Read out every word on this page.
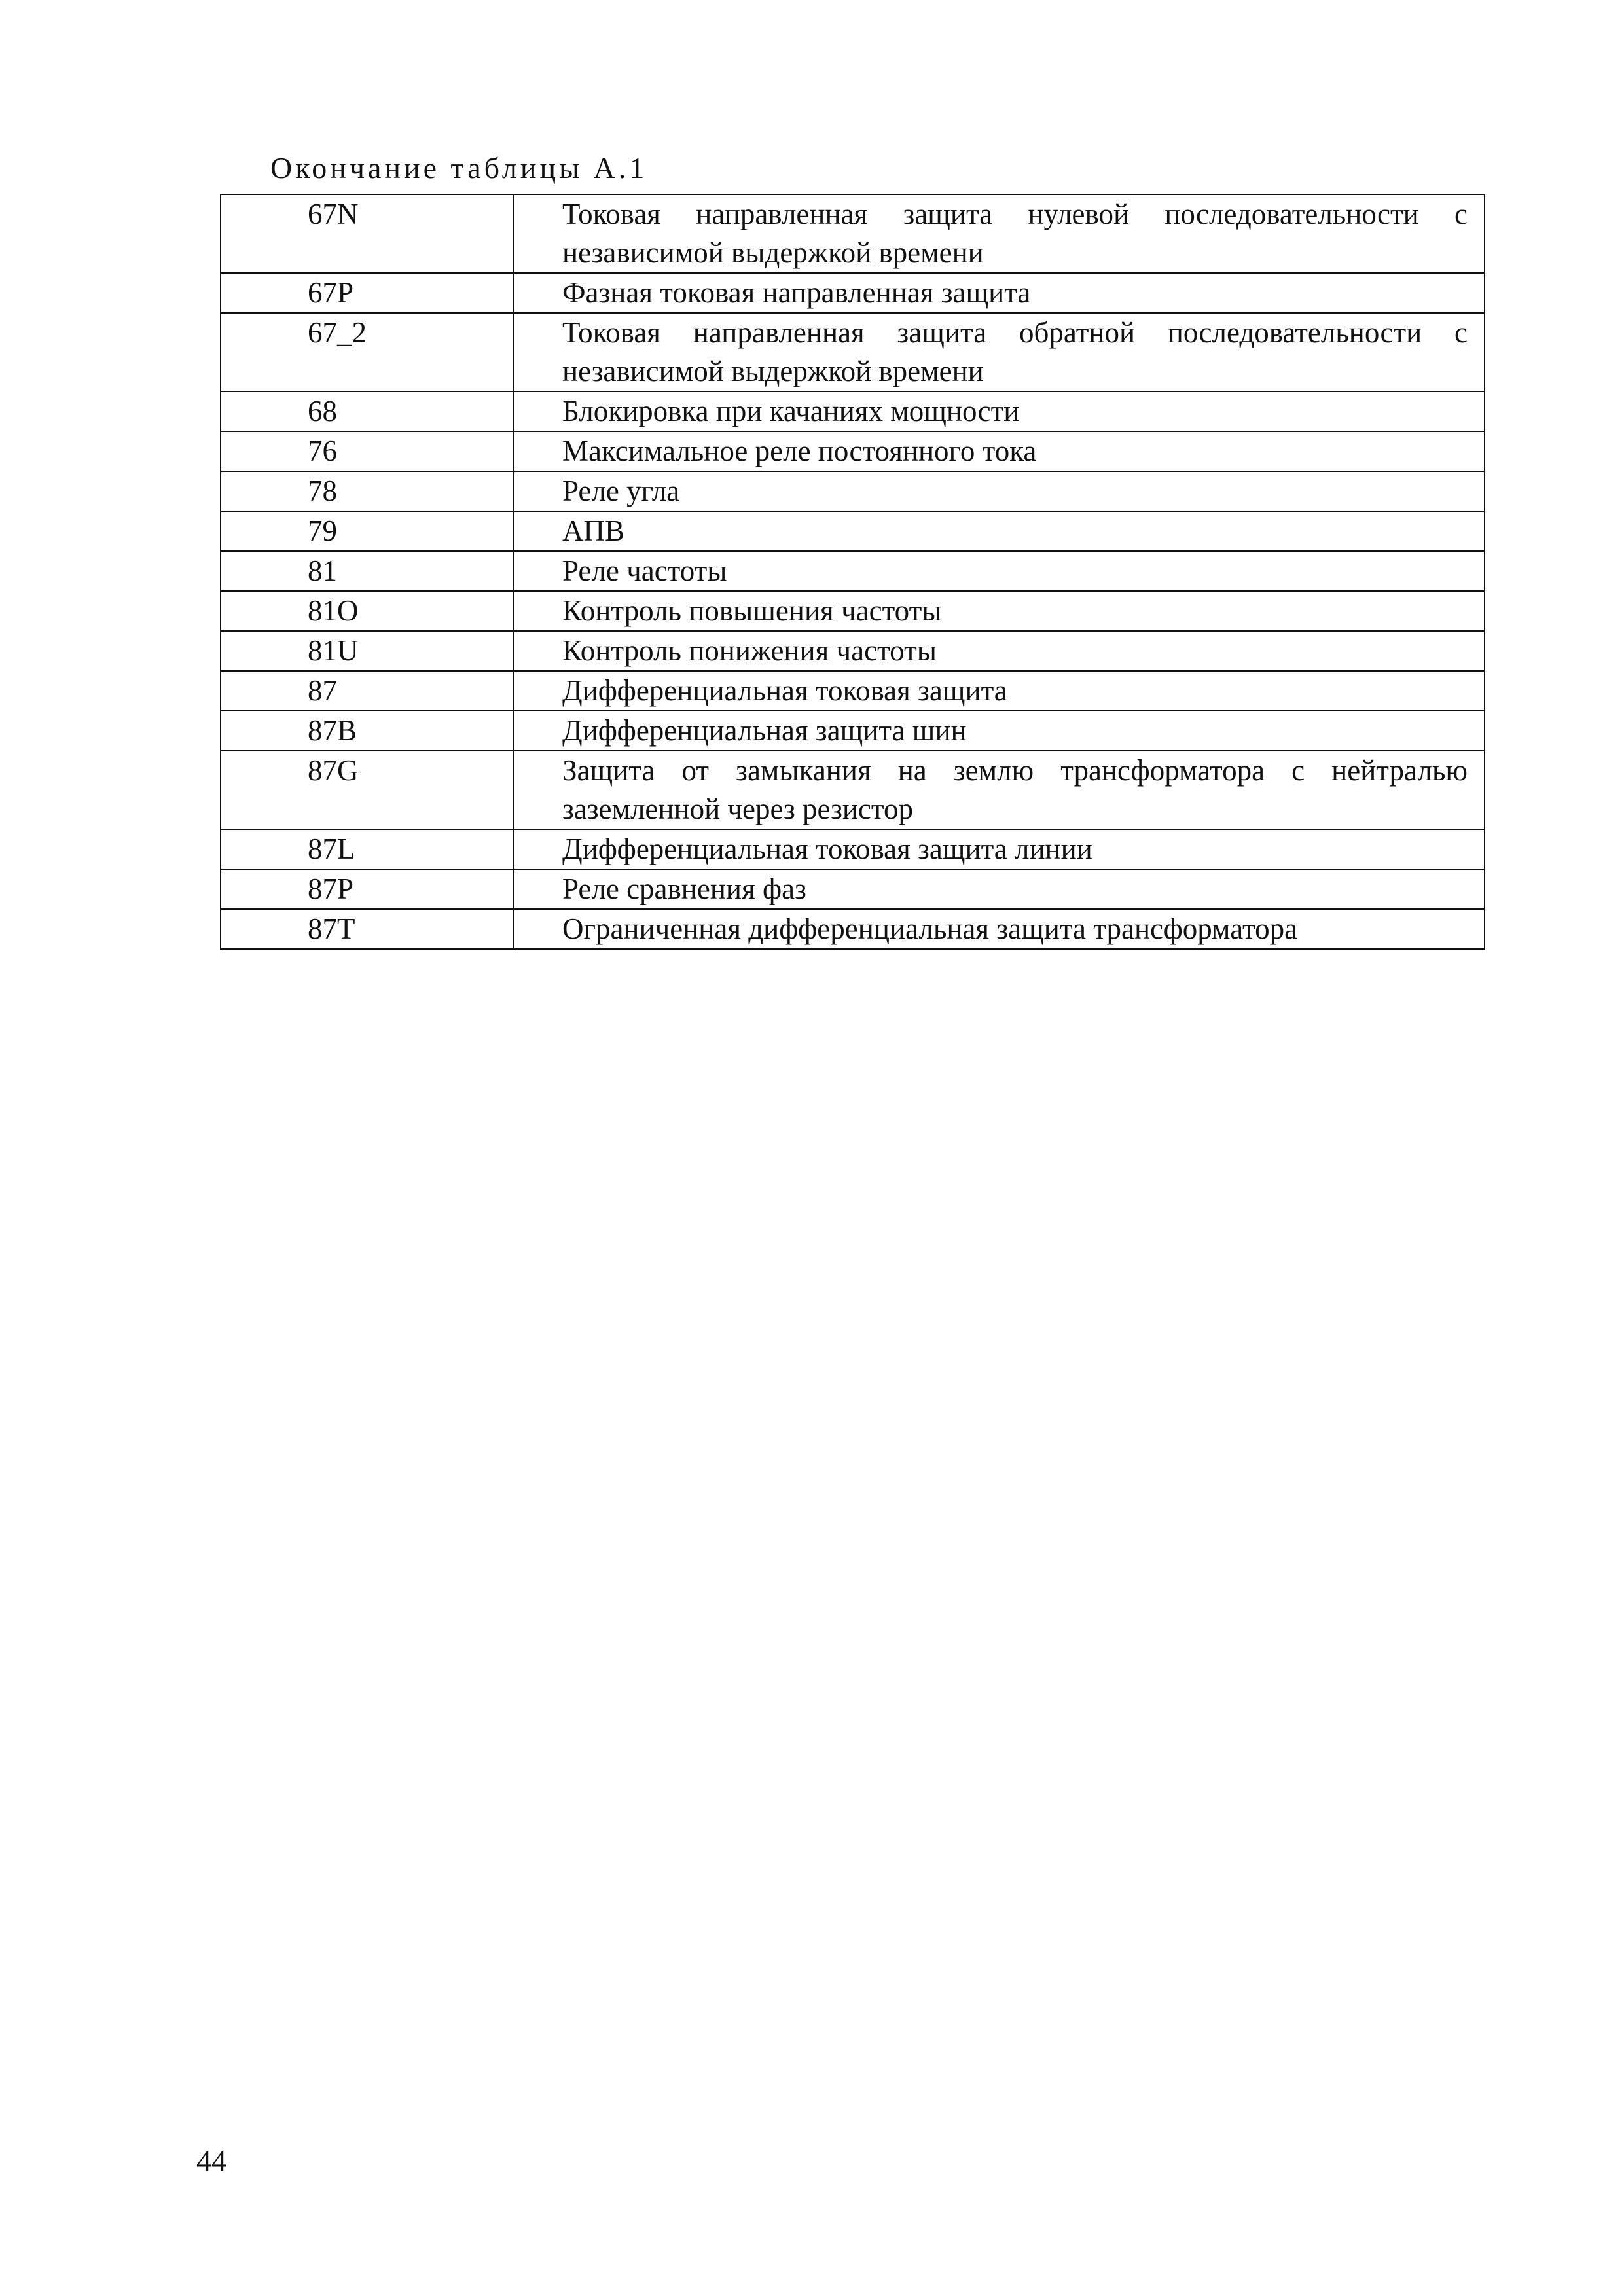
Окончание таблицы А.1
67N	Токовая направленная защита нулевой последовательности с независимой выдержкой времени
67P	Фазная токовая направленная защита
67_2	Токовая направленная защита обратной последовательности с независимой выдержкой времени
68	Блокировка при качаниях мощности
76	Максимальное реле постоянного тока
78	Реле угла
79	АПВ
81	Реле частоты
81O	Контроль повышения частоты
81U	Контроль понижения частоты
87	Дифференциальная токовая защита
87B	Дифференциальная защита шин
87G	Защита от замыкания на землю трансформатора с нейтралью заземленной через резистор
87L	Дифференциальная токовая защита линии
87P	Реле сравнения фаз
87T	Ограниченная дифференциальная защита трансформатора
44
